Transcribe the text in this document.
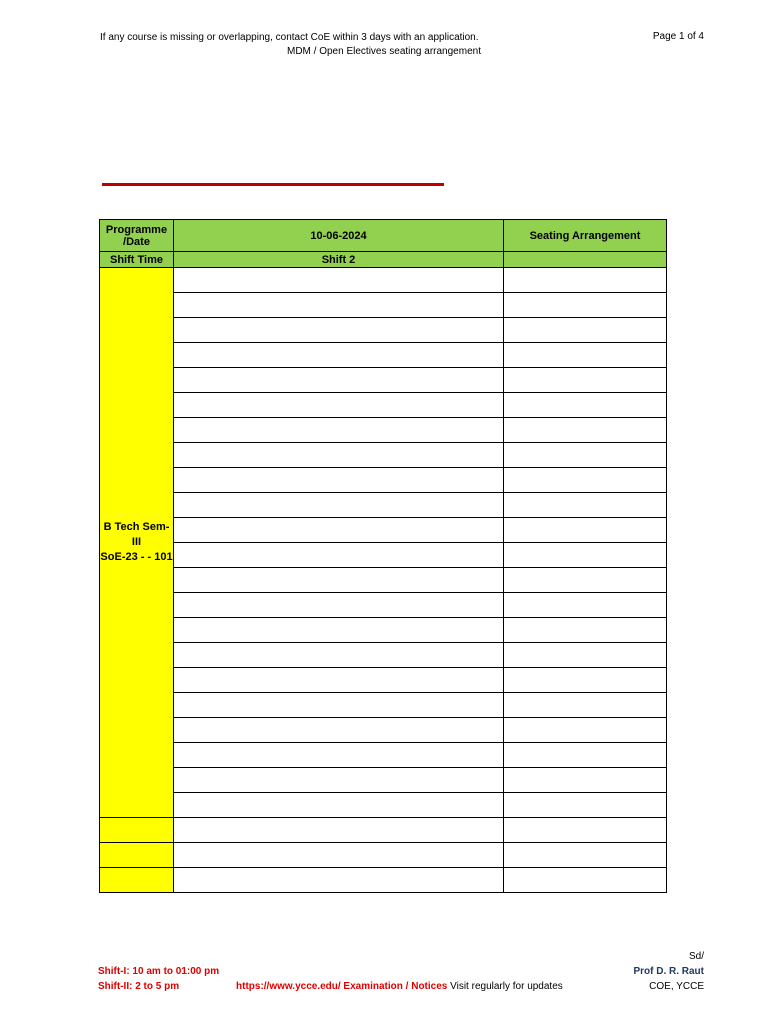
If any course is missing or overlapping, contact CoE within 3 days with an application.	Page 1 of 4
MDM / Open Electives seating arrangement
Programme /Date	10-06-2024	Seating Arrangement
Shift Time	Shift 2	

B Tech Sem-III
SoE-23 - - 101		

Shift-I: 10 am to 01:00 pm
Shift-II: 2 to 5 pm	https://www.ycce.edu/ Examination / Notices Visit regularly for updates
Sd/
Prof D. R. Raut
COE, YCCE
